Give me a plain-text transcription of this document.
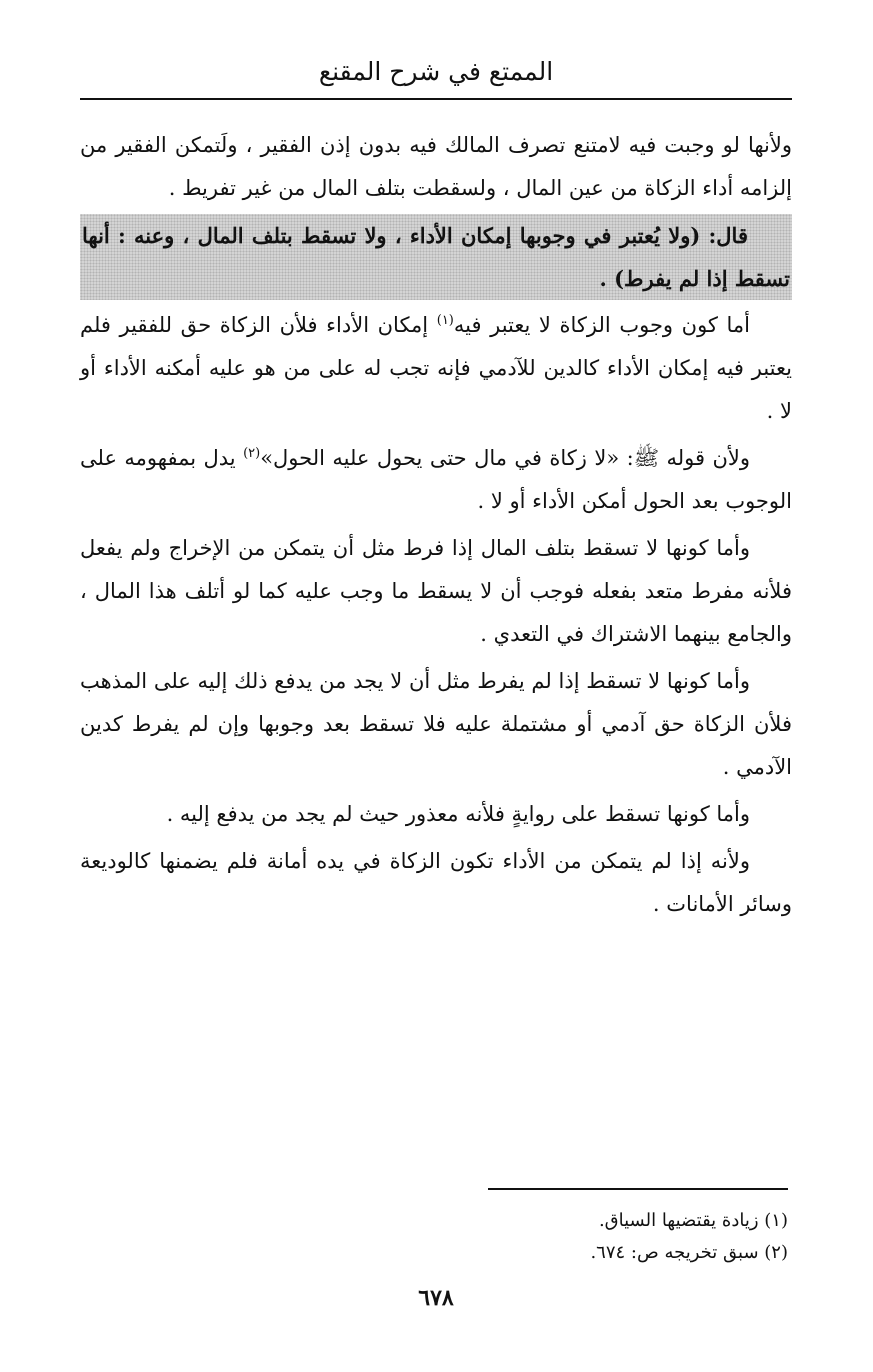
الممتع في شرح المقنع

ولأنها لو وجبت فيه لامتنع تصرف المالك فيه بدون إذن الفقير ، ولَتمكن الفقير من إلزامه أداء الزكاة من عين المال ، ولسقطت بتلف المال من غير تفريط .

قال: (ولا يُعتبر في وجوبها إمكان الأداء ، ولا تسقط بتلف المال ، وعنه : أنها تسقط إذا لم يفرط) .

أما كون وجوب الزكاة لا يعتبر فيه$^{(١)}$ إمكان الأداء فلأن الزكاة حق للفقير فلم يعتبر فيه إمكان الأداء كالدين للآدمي فإنه تجب له على من هو عليه أمكنه الأداء أو لا .

ولأن قوله ﷺ: «لا زكاة في مال حتى يحول عليه الحول»$^{(٢)}$ يدل بمفهومه على الوجوب بعد الحول أمكن الأداء أو لا .

وأما كونها لا تسقط بتلف المال إذا فرط مثل أن يتمكن من الإخراج ولم يفعل فلأنه مفرط متعد بفعله فوجب أن لا يسقط ما وجب عليه كما لو أتلف هذا المال ، والجامع بينهما الاشتراك في التعدي .

وأما كونها لا تسقط إذا لم يفرط مثل أن لا يجد من يدفع ذلك إليه على المذهب فلأن الزكاة حق آدمي أو مشتملة عليه فلا تسقط بعد وجوبها وإن لم يفرط كدين الآدمي .

وأما كونها تسقط على روايةٍ فلأنه معذور حيث لم يجد من يدفع إليه .

ولأنه إذا لم يتمكن من الأداء تكون الزكاة في يده أمانة فلم يضمنها كالوديعة وسائر الأمانات .

(١) زيادة يقتضيها السياق.
(٢) سبق تخريجه ص: ٦٧٤.
٦٧٨
